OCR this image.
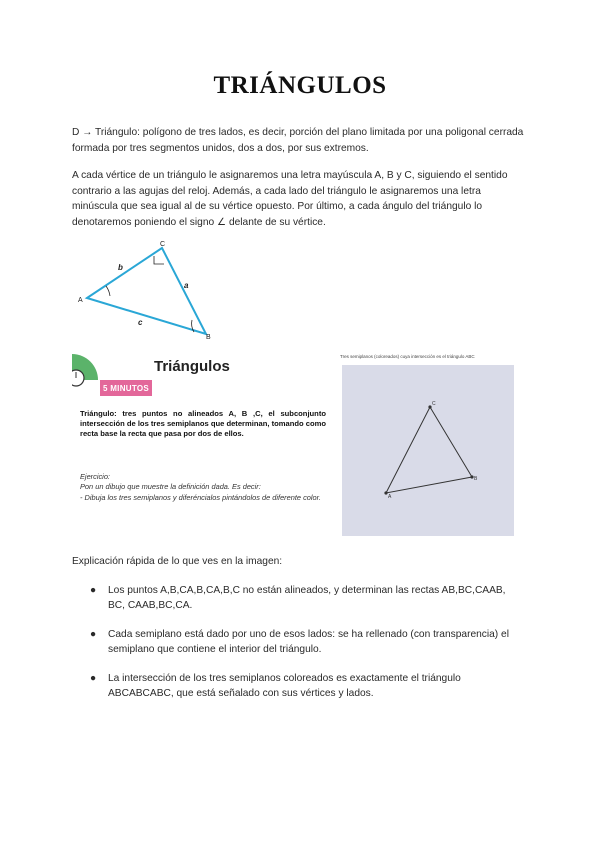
TRIÁNGULOS

D → Triángulo: polígono de tres lados, es decir, porción del plano limitada por una poligonal cerrada formada por tres segmentos unidos, dos a dos, por sus extremos.

A cada vértice de un triángulo le asignaremos una letra mayúscula A, B y C, siguiendo el sentido contrario a las agujas del reloj. Además, a cada lado del triángulo le asignaremos una letra minúscula que sea igual al de su vértice opuesto. Por último, a cada ángulo del triángulo lo denotaremos poniendo el signo ∠ delante de su vértice.

A
B
C
a
b
c
Triángulos
5 MINUTOS
Triángulo: tres puntos no alineados A, B ,C, el subconjunto intersección de los tres semiplanos que determinan, tomando como recta base la recta que pasa por dos de ellos.
Ejercicio:
Pon un dibujo que muestre la definición dada. Es decir:
- Dibuja los tres semiplanos y diferéncialos pintándolos de diferente color.
Tres semiplanos (coloreados) cuya intersección es el triángulo ABC
A
B
C
Explicación rápida de lo que ves en la imagen:
● Los puntos A,B,CA,B,CA,B,C no están alineados, y determinan las rectas AB,BC,CAAB, BC, CAAB,BC,CA.
● Cada semiplano está dado por uno de esos lados: se ha rellenado (con transparencia) el semiplano que contiene el interior del triángulo.
● La intersección de los tres semiplanos coloreados es exactamente el triángulo ABCABCABC, que está señalado con sus vértices y lados.
